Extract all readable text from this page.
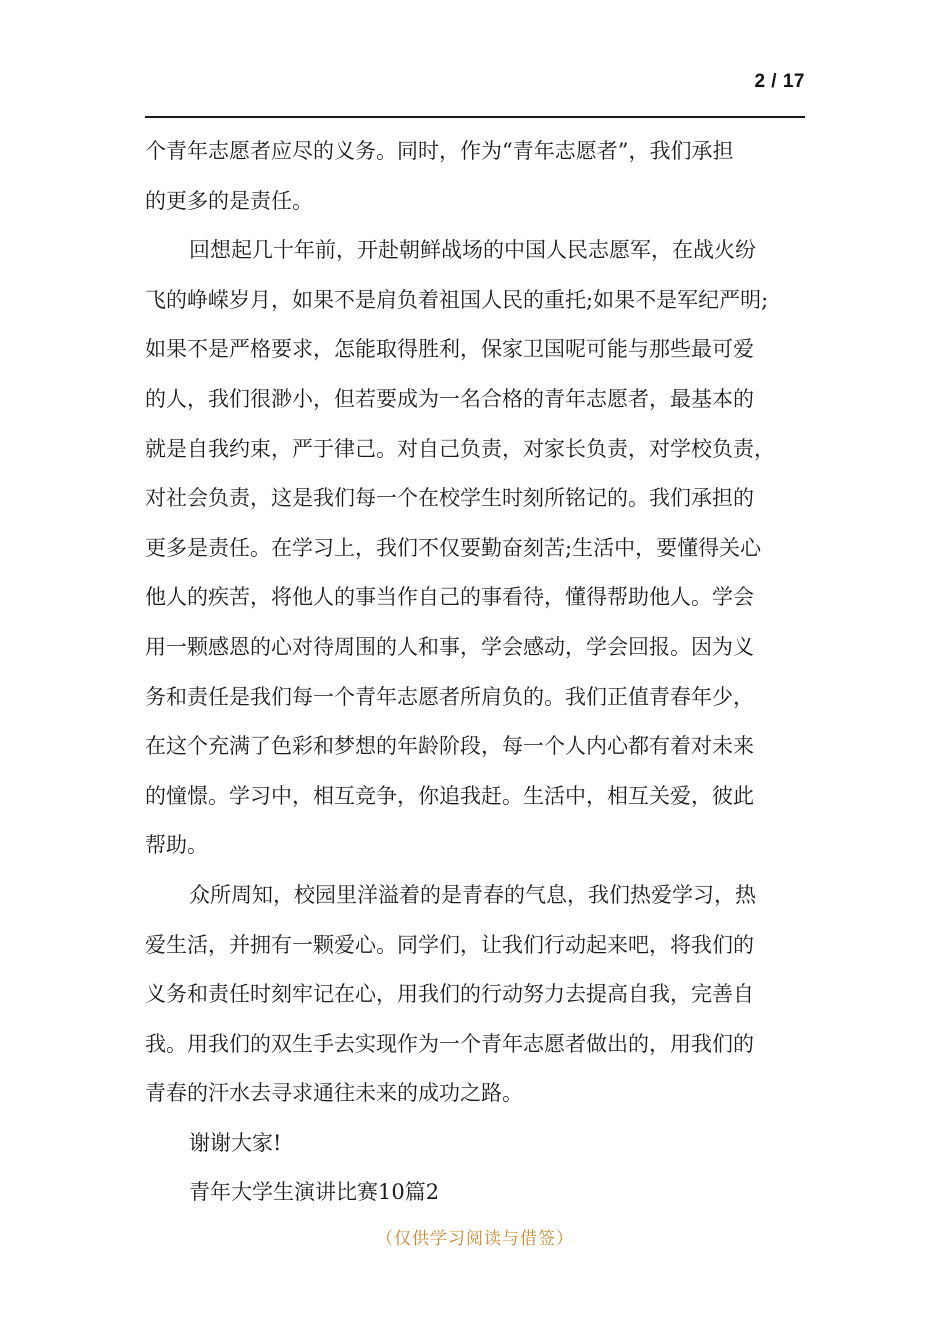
2 / 17
个青年志愿者应尽的义务。同时，作为“青年志愿者”，我们承担
的更多的是责任。
回想起几十年前，开赴朝鲜战场的中国人民志愿军，在战火纷
飞的峥嵘岁月，如果不是肩负着祖国人民的重托;如果不是军纪严明;
如果不是严格要求，怎能取得胜利，保家卫国呢可能与那些最可爱
的人，我们很渺小，但若要成为一名合格的青年志愿者，最基本的
就是自我约束，严于律己。对自己负责，对家长负责，对学校负责，
对社会负责，这是我们每一个在校学生时刻所铭记的。我们承担的
更多是责任。在学习上，我们不仅要勤奋刻苦;生活中，要懂得关心
他人的疾苦，将他人的事当作自己的事看待，懂得帮助他人。学会
用一颗感恩的心对待周围的人和事，学会感动，学会回报。因为义
务和责任是我们每一个青年志愿者所肩负的。我们正值青春年少，
在这个充满了色彩和梦想的年龄阶段，每一个人内心都有着对未来
的憧憬。学习中，相互竞争，你追我赶。生活中，相互关爱，彼此
帮助。
众所周知，校园里洋溢着的是青春的气息，我们热爱学习，热
爱生活，并拥有一颗爱心。同学们，让我们行动起来吧，将我们的
义务和责任时刻牢记在心，用我们的行动努力去提高自我，完善自
我。用我们的双生手去实现作为一个青年志愿者做出的，用我们的
青春的汗水去寻求通往未来的成功之路。
谢谢大家!
青年大学生演讲比赛10篇2
（仅供学习阅读与借签）
